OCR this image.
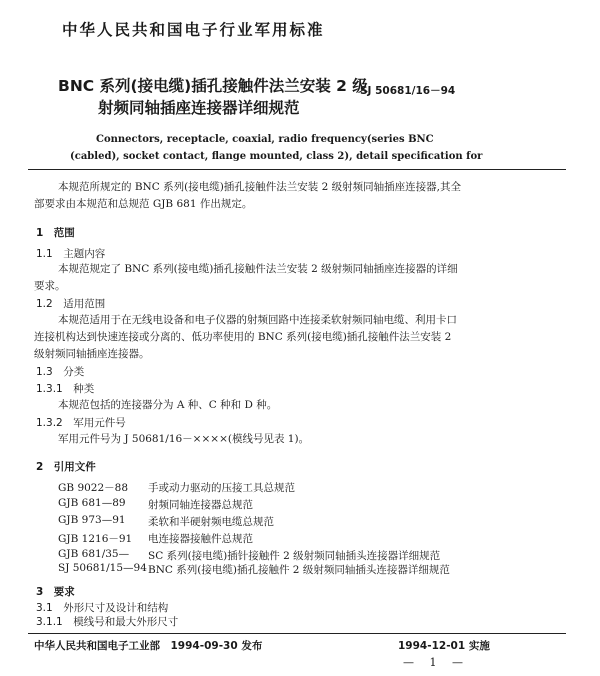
中华人民共和国电子行业军用标准
BNC 系列(接电缆)插孔接触件法兰安装 2 级
射频同轴插座连接器详细规范
SJ 50681/16－94
Connectors, receptacle, coaxial, radio frequency(series BNC
(cabled), socket contact, flange mounted, class 2), detail specification for
本规范所规定的 BNC 系列(接电缆)插孔接触件法兰安装 2 级射频同轴插座连接器,其全
部要求由本规范和总规范 GJB 681 作出规定。
1　范围
1.1　主题内容
本规范规定了 BNC 系列(接电缆)插孔接触件法兰安装 2 级射频同轴插座连接器的详细
要求。
1.2　适用范围
本规范适用于在无线电设备和电子仪器的射频回路中连接柔软射频同轴电缆、利用卡口
连接机构达到快速连接或分离的、低功率使用的 BNC 系列(接电缆)插孔接触件法兰安装 2
级射频同轴插座连接器。
1.3　分类
1.3.1　种类
本规范包括的连接器分为 A 种、C 种和 D 种。
1.3.2　军用元件号
军用元件号为 J 50681/16－××××(模线号见表 1)。
2　引用文件
GB 9022－88 手或动力驱动的压接工具总规范
GJB 681—89 射频同轴连接器总规范
GJB 973—91 柔软和半硬射频电缆总规范
GJB 1216－91 电连接器接触件总规范
GJB 681/35— SC 系列(接电缆)插针接触件 2 级射频同轴插头连接器详细规范
SJ 50681/15—94 BNC 系列(接电缆)插孔接触件 2 级射频同轴插头连接器详细规范
3　要求
3.1　外形尺寸及设计和结构
3.1.1　模线号和最大外形尺寸
中华人民共和国电子工业部　1994-09-30 发布	1994-12-01 实施
— 1 —
